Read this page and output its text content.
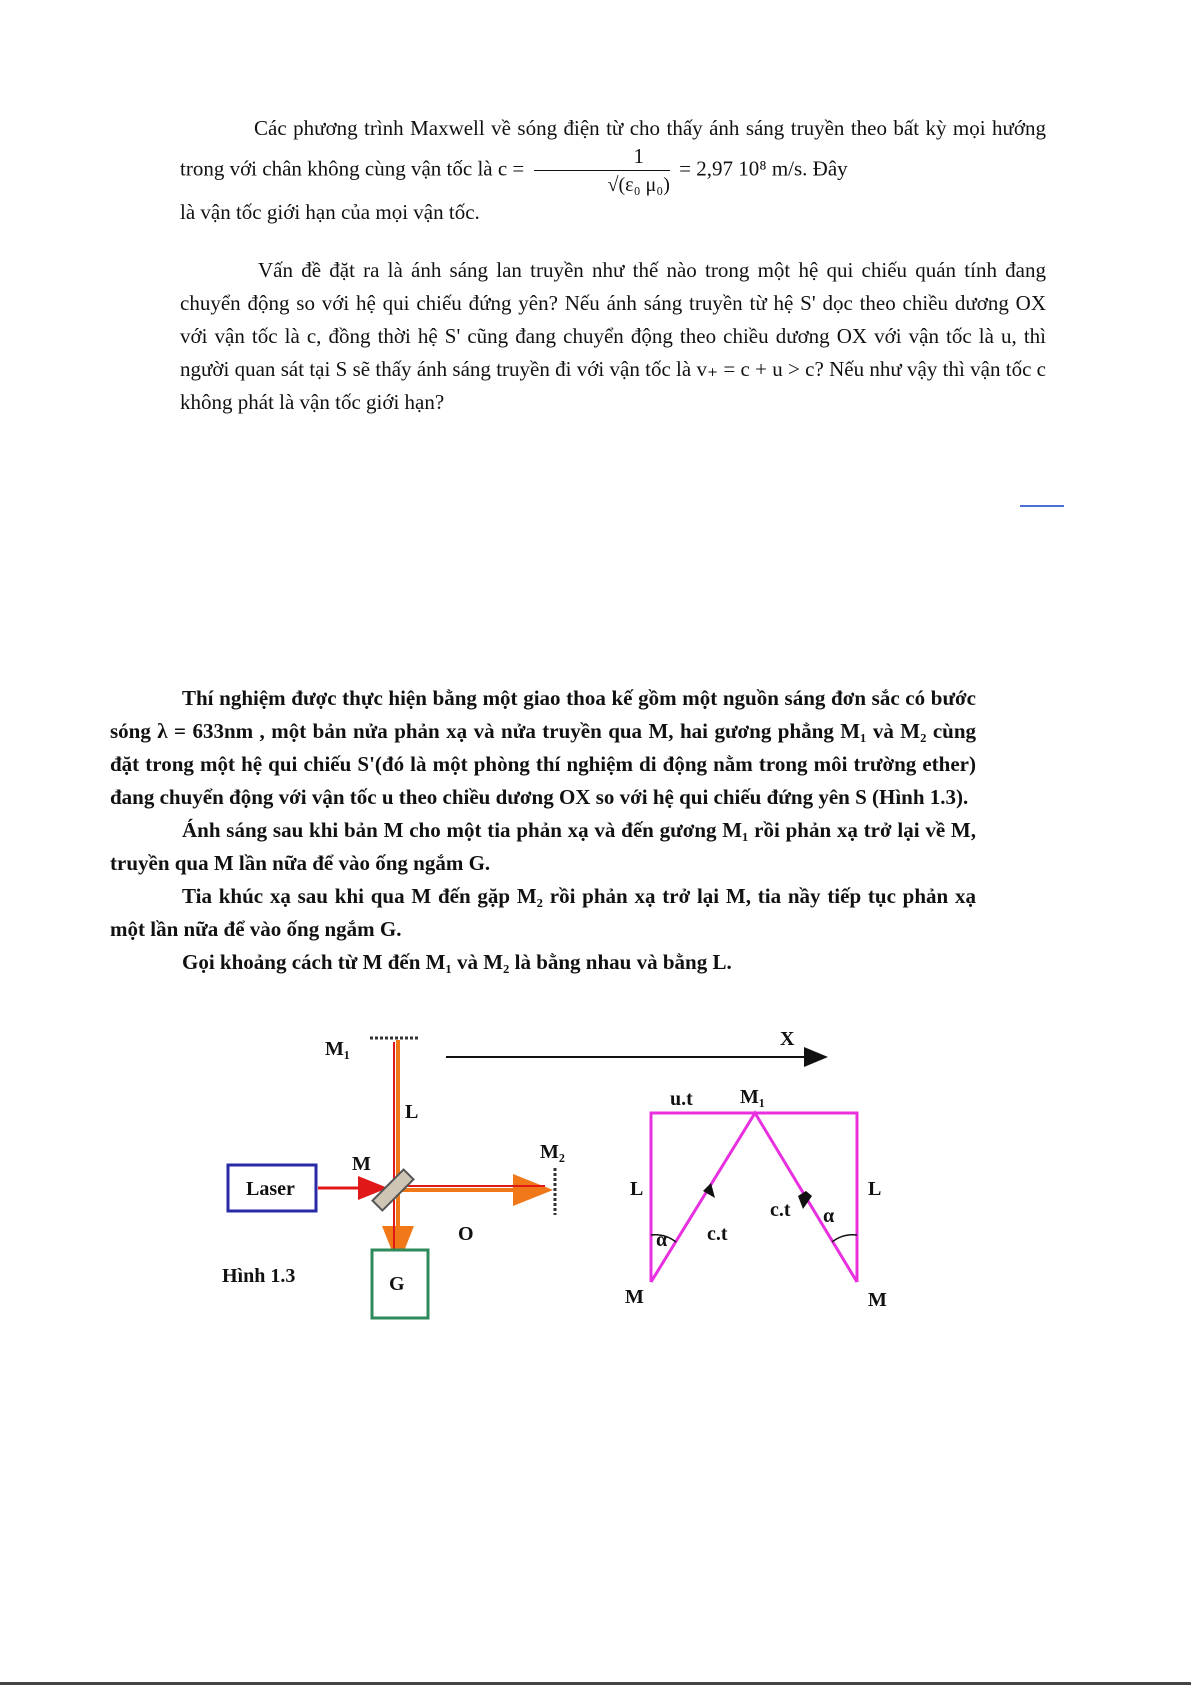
Các phương trình Maxwell về sóng điện từ cho thấy ánh sáng truyền theo bất kỳ mọi hướng trong với chân không cùng vận tốc là $c = \frac{1}{\text{√(ε₀ μ₀)}} = 2,97$ 10⁸ m/s. Đây
là vận tốc giới hạn của mọi vận tốc.
Vấn đề đặt ra là ánh sáng lan truyền như thế nào trong một hệ qui chiếu quán tính đang chuyển động so với hệ qui chiếu đứng yên? Nếu ánh sáng truyền từ hệ S' dọc theo chiều dương OX với vận tốc là c, đồng thời hệ S' cũng đang chuyển động theo chiều dương OX với vận tốc là u, thì người quan sát tại S sẽ thấy ánh sáng truyền đi với vận tốc là v₊ = c + u > c? Nếu như vậy thì vận tốc c không phát là vận tốc giới hạn?
Thí nghiệm được thực hiện bằng một giao thoa kế gồm một nguồn sáng đơn sắc có bước sóng λ = 633nm , một bản nửa phản xạ và nửa truyền qua M, hai gương phẳng M₁ và M₂ cùng đặt trong một hệ qui chiếu S'(đó là một phòng thí nghiệm di động nằm trong môi trường ether) đang chuyển động với vận tốc u theo chiều dương OX so với hệ qui chiếu đứng yên S (Hình 1.3).
Ánh sáng sau khi bản M cho một tia phản xạ và đến gương M₁ rồi phản xạ trở lại về M, truyền qua M lần nữa để vào ống ngắm G.
Tia khúc xạ sau khi qua M đến gặp M₂ rồi phản xạ trở lại M, tia nầy tiếp tục phản xạ một lần nữa để vào ống ngắm G.
Gọi khoảng cách từ M đến M₁ và M₂ là bằng nhau và bằng L.
M₁
L
Laser
M
M₂
O
G
Hình 1.3
X
u.t M₁
L	L
c.t
c.t
α
α
M	M
